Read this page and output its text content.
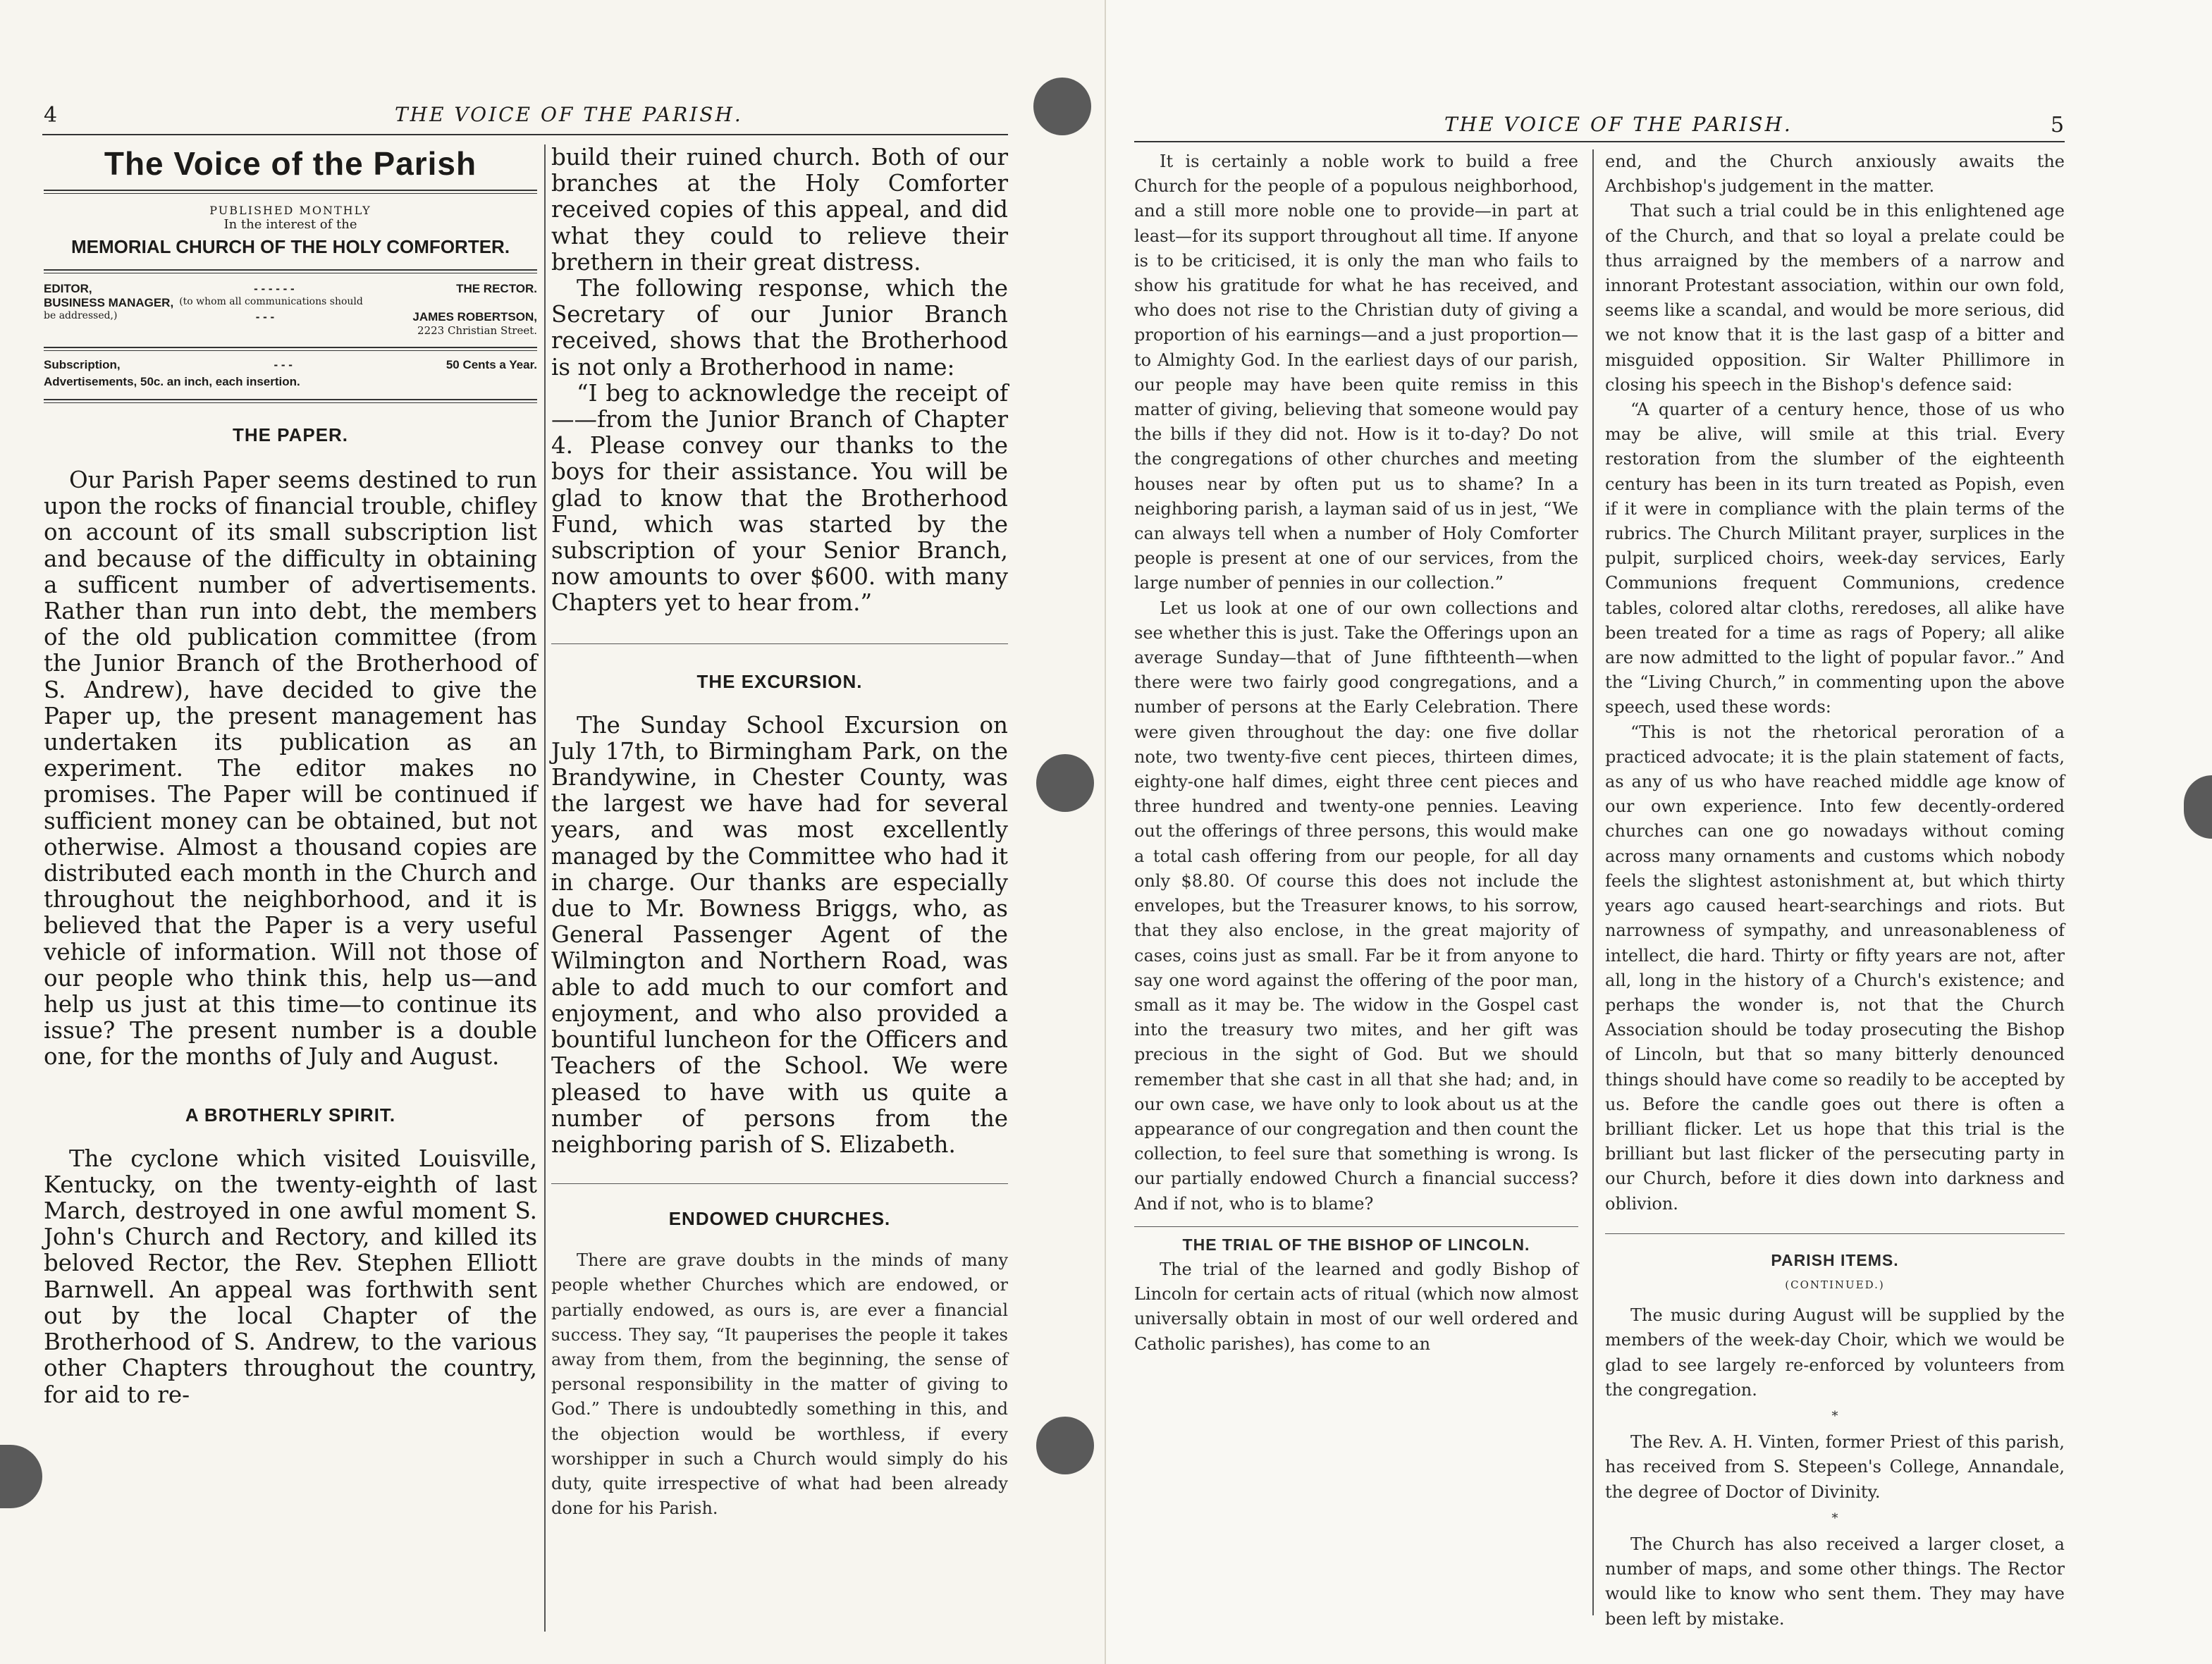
4	THE VOICE OF THE PARISH.
The Voice of the Parish
PUBLISHED MONTHLY
In the interest of the
MEMORIAL CHURCH OF THE HOLY COMFORTER.
EDITOR,	- - - - - -	THE RECTOR.
BUSINESS MANAGER, (to whom all communications should
be addressed,)	- - -	JAMES ROBERTSON,
2223 Christian Street.
Subscription,	- - -	50 Cents a Year.
Advertisements, 50c. an inch, each insertion.
THE PAPER.

Our Parish Paper seems destined to run upon the rocks of financial trouble, chifley on account of its small subscription list and because of the difficulty in obtaining a sufficent number of advertisements. Rather than run into debt, the members of the old publication committee (from the Junior Branch of the Brotherhood of S. Andrew), have decided to give the Paper up, the present management has undertaken its publication as an experiment. The editor makes no promises. The Paper will be continued if sufficient money can be obtained, but not otherwise. Almost a thousand copies are distributed each month in the Church and throughout the neighborhood, and it is believed that the Paper is a very useful vehicle of information. Will not those of our people who think this, help us—and help us just at this time—to continue its issue? The present number is a double one, for the months of July and August.

A BROTHERLY SPIRIT.

The cyclone which visited Louisville, Kentucky, on the twenty-eighth of last March, destroyed in one awful moment S. John's Church and Rectory, and killed its beloved Rector, the Rev. Stephen Elliott Barnwell. An appeal was forthwith sent out by the local Chapter of the Brotherhood of S. Andrew, to the various other Chapters throughout the country, for aid to re-

build their ruined church. Both of our branches at the Holy Comforter received copies of this appeal, and did what they could to relieve their brethern in their great distress.

The following response, which the Secretary of our Junior Branch received, shows that the Brotherhood is not only a Brotherhood in name:

“I beg to acknowledge the receipt of——from the Junior Branch of Chapter 4. Please convey our thanks to the boys for their assistance. You will be glad to know that the Brotherhood Fund, which was started by the subscription of your Senior Branch, now amounts to over $600. with many Chapters yet to hear from.”

THE EXCURSION.

The Sunday School Excursion on July 17th, to Birmingham Park, on the Brandywine, in Chester County, was the largest we have had for several years, and was most excellently managed by the Committee who had it in charge. Our thanks are especially due to Mr. Bowness Briggs, who, as General Passenger Agent of the Wilmington and Northern Road, was able to add much to our comfort and enjoyment, and who also provided a bountiful luncheon for the Officers and Teachers of the School. We were pleased to have with us quite a number of persons from the neighboring parish of S. Elizabeth.

ENDOWED CHURCHES.

There are grave doubts in the minds of many people whether Churches which are endowed, or partially endowed, as ours is, are ever a financial success. They say, “It pauperises the people it takes away from them, from the beginning, the sense of personal responsibility in the matter of giving to God.” There is undoubtedly something in this, and the objection would be worthless, if every worshipper in such a Church would simply do his duty, quite irrespective of what had been already done for his Parish.

THE VOICE OF THE PARISH.	5

It is certainly a noble work to build a free Church for the people of a populous neighborhood, and a still more noble one to provide—in part at least—for its support throughout all time. If anyone is to be criticised, it is only the man who fails to show his gratitude for what he has received, and who does not rise to the Christian duty of giving a proportion of his earnings—and a just proportion—to Almighty God. In the earliest days of our parish, our people may have been quite remiss in this matter of giving, believing that someone would pay the bills if they did not. How is it to-day? Do not the congregations of other churches and meeting houses near by often put us to shame? In a neighboring parish, a layman said of us in jest, “We can always tell when a number of Holy Comforter people is present at one of our services, from the large number of pennies in our collection.”

Let us look at one of our own collections and see whether this is just. Take the Offerings upon an average Sunday—that of June fifthteenth—when there were two fairly good congregations, and a number of persons at the Early Celebration. There were given throughout the day: one five dollar note, two twenty-five cent pieces, thirteen dimes, eighty-one half dimes, eight three cent pieces and three hundred and twenty-one pennies. Leaving out the offerings of three persons, this would make a total cash offering from our people, for all day only $8.80. Of course this does not include the envelopes, but the Treasurer knows, to his sorrow, that they also enclose, in the great majority of cases, coins just as small. Far be it from anyone to say one word against the offering of the poor man, small as it may be. The widow in the Gospel cast into the treasury two mites, and her gift was precious in the sight of God. But we should remember that she cast in all that she had; and, in our own case, we have only to look about us at the appearance of our congregation and then count the collection, to feel sure that something is wrong. Is our partially endowed Church a financial success? And if not, who is to blame?

THE TRIAL OF THE BISHOP OF LINCOLN.

The trial of the learned and godly Bishop of Lincoln for certain acts of ritual (which now almost universally obtain in most of our well ordered and Catholic parishes), has come to an

end, and the Church anxiously awaits the Archbishop's judgement in the matter.

That such a trial could be in this enlightened age of the Church, and that so loyal a prelate could be thus arraigned by the members of a narrow and innorant Protestant association, within our own fold, seems like a scandal, and would be more serious, did we not know that it is the last gasp of a bitter and misguided opposition. Sir Walter Phillimore in closing his speech in the Bishop's defence said:

“A quarter of a century hence, those of us who may be alive, will smile at this trial. Every restoration from the slumber of the eighteenth century has been in its turn treated as Popish, even if it were in compliance with the plain terms of the rubrics. The Church Militant prayer, surplices in the pulpit, surpliced choirs, week-day services, Early Communions frequent Communions, credence tables, colored altar cloths, reredoses, all alike have been treated for a time as rags of Popery; all alike are now admitted to the light of popular favor..” And the “Living Church,” in commenting upon the above speech, used these words:

“This is not the rhetorical peroration of a practiced advocate; it is the plain statement of facts, as any of us who have reached middle age know of our own experience. Into few decently-ordered churches can one go nowadays without coming across many ornaments and customs which nobody feels the slightest astonishment at, but which thirty years ago caused heart-searchings and riots. But narrowness of sympathy, and unreasonableness of intellect, die hard. Thirty or fifty years are not, after all, long in the history of a Church's existence; and perhaps the wonder is, not that the Church Association should be today prosecuting the Bishop of Lincoln, but that so many bitterly denounced things should have come so readily to be accepted by us. Before the candle goes out there is often a brilliant flicker. Let us hope that this trial is the brilliant but last flicker of the persecuting party in our Church, before it dies down into darkness and oblivion.

PARISH ITEMS.
(CONTINUED.)

The music during August will be supplied by the members of the week-day Choir, which we would be glad to see largely re-enforced by volunteers from the congregation.

*

The Rev. A. H. Vinten, former Priest of this parish, has received from S. Stepeen's College, Annandale, the degree of Doctor of Divinity.

*

The Church has also received a larger closet, a number of maps, and some other things. The Rector would like to know who sent them. They may have been left by mistake.
